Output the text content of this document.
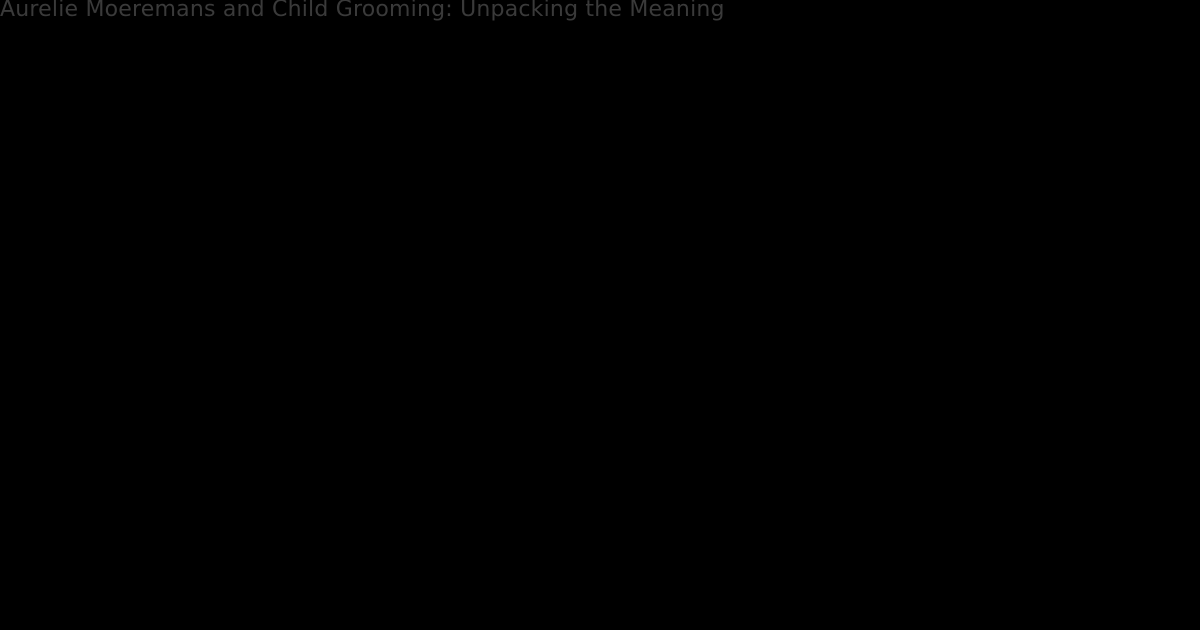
Aurelie Moeremans and Child Grooming: Unpacking the Meaning
